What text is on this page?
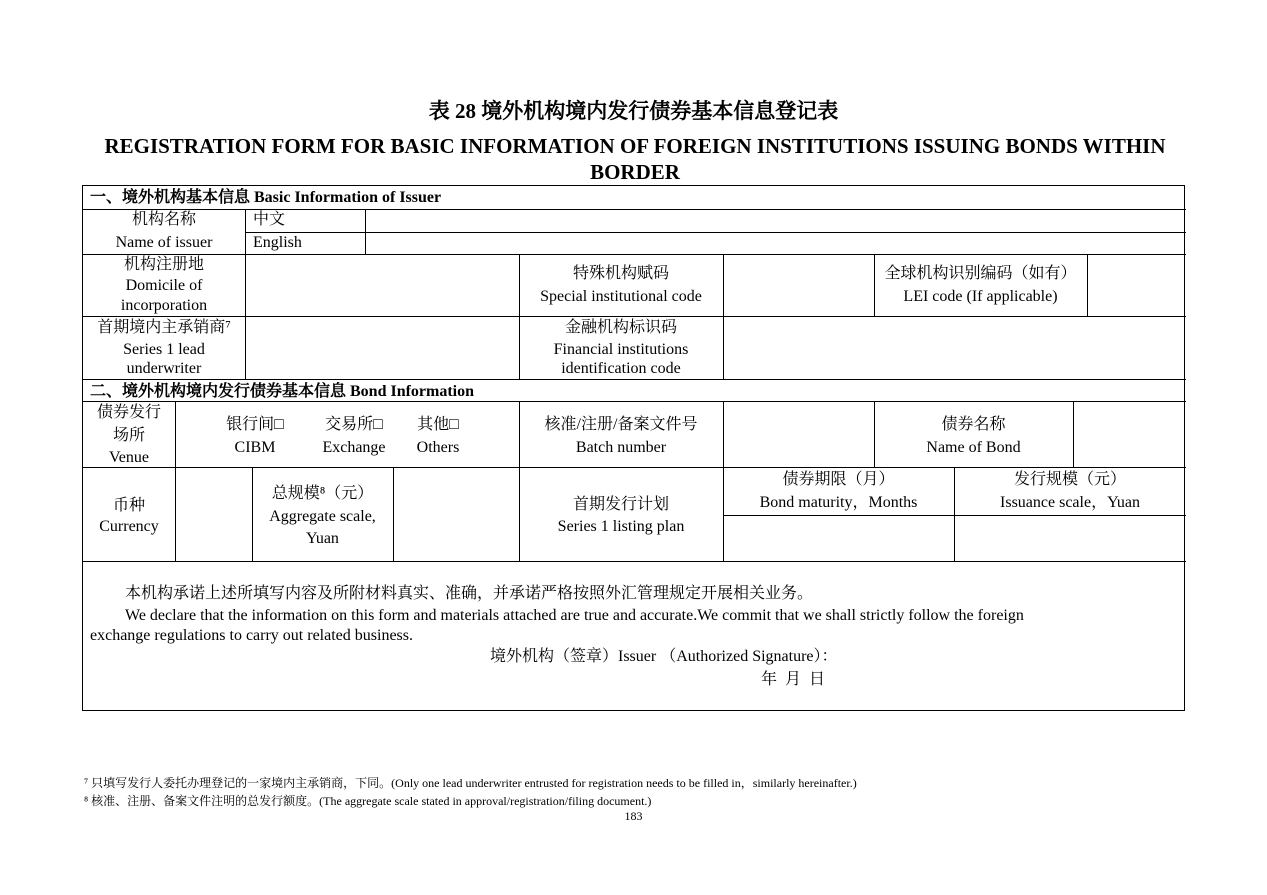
表 28 境外机构境内发行债券基本信息登记表
REGISTRATION FORM FOR BASIC INFORMATION OF FOREIGN INSTITUTIONS ISSUING BONDS WITHIN BORDER
一、境外机构基本信息 Basic Information of Issuer
机构名称
Name of issuer
中文
English
机构注册地
Domicile of
incorporation
特殊机构赋码
Special institutional code
全球机构识别编码（如有）
LEI code (If applicable)
首期境内主承销商⁷
Series 1 lead
underwriter
金融机构标识码
Financial institutions
identification code
二、境外机构境内发行债券基本信息 Bond Information
债券发行
场所
Venue
银行间□
CIBM
交易所□
Exchange
其他□
Others
核准/注册/备案文件号
Batch number
债券名称
Name of Bond
币种
Currency
总规模⁸（元）
Aggregate scale,
Yuan
首期发行计划
Series 1 listing plan
债券期限（月）
Bond maturity，Months
发行规模（元）
Issuance scale，Yuan
本机构承诺上述所填写内容及所附材料真实、准确，并承诺严格按照外汇管理规定开展相关业务。
We declare that the information on this form and materials attached are true and accurate.We commit that we shall strictly follow the foreign
exchange regulations to carry out related business.
境外机构（签章）Issuer （Authorized Signature）：
年  月  日
⁷ 只填写发行人委托办理登记的一家境内主承销商，下同。(Only one lead underwriter entrusted for registration needs to be filled in，similarly hereinafter.)
⁸ 核准、注册、备案文件注明的总发行额度。(The aggregate scale stated in approval/registration/filing document.)
183
